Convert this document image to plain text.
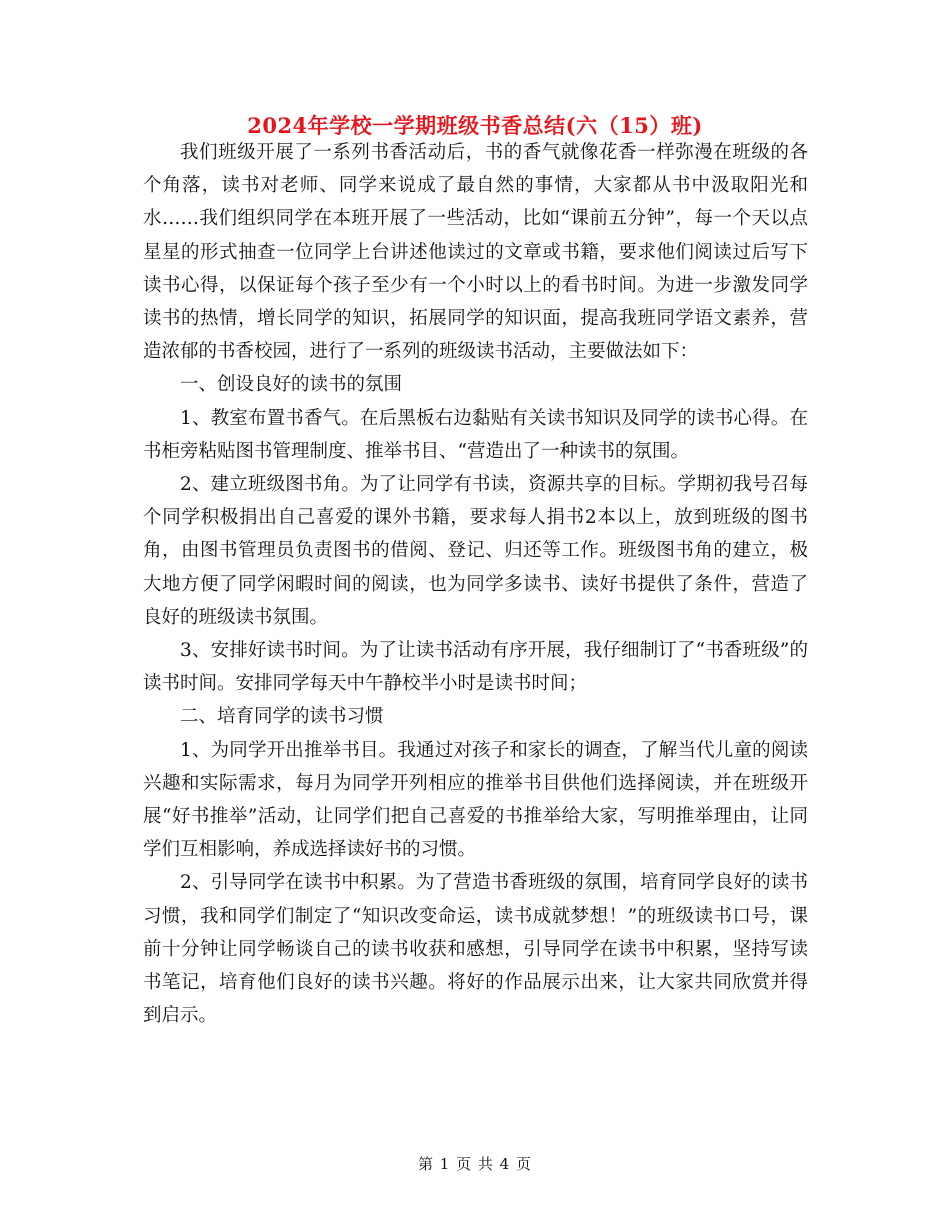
2024年学校一学期班级书香总结(六（15）班)

我们班级开展了一系列书香活动后，书的香气就像花香一样弥漫在班级的各个角落，读书对老师、同学来说成了最自然的事情，大家都从书中汲取阳光和水……我们组织同学在本班开展了一些活动，比如“课前五分钟”，每一个天以点星星的形式抽查一位同学上台讲述他读过的文章或书籍，要求他们阅读过后写下读书心得，以保证每个孩子至少有一个小时以上的看书时间。为进一步激发同学读书的热情，增长同学的知识，拓展同学的知识面，提高我班同学语文素养，营造浓郁的书香校园，进行了一系列的班级读书活动，主要做法如下：

一、创设良好的读书的氛围

1、教室布置书香气。在后黑板右边黏贴有关读书知识及同学的读书心得。在书柜旁粘贴图书管理制度、推举书目、“营造出了一种读书的氛围。

2、建立班级图书角。为了让同学有书读，资源共享的目标。学期初我号召每个同学积极捐出自己喜爱的课外书籍，要求每人捐书2本以上，放到班级的图书角，由图书管理员负责图书的借阅、登记、归还等工作。班级图书角的建立，极大地方便了同学闲暇时间的阅读，也为同学多读书、读好书提供了条件，营造了良好的班级读书氛围。

3、安排好读书时间。为了让读书活动有序开展，我仔细制订了“书香班级”的读书时间。安排同学每天中午静校半小时是读书时间；

二、培育同学的读书习惯

1、为同学开出推举书目。我通过对孩子和家长的调查，了解当代儿童的阅读兴趣和实际需求，每月为同学开列相应的推举书目供他们选择阅读，并在班级开展“好书推举”活动，让同学们把自己喜爱的书推举给大家，写明推举理由，让同学们互相影响，养成选择读好书的习惯。

2、引导同学在读书中积累。为了营造书香班级的氛围，培育同学良好的读书习惯，我和同学们制定了“知识改变命运，读书成就梦想！”的班级读书口号，课前十分钟让同学畅谈自己的读书收获和感想，引导同学在读书中积累，坚持写读书笔记，培育他们良好的读书兴趣。将好的作品展示出来，让大家共同欣赏并得到启示。

第 1 页 共 4 页
